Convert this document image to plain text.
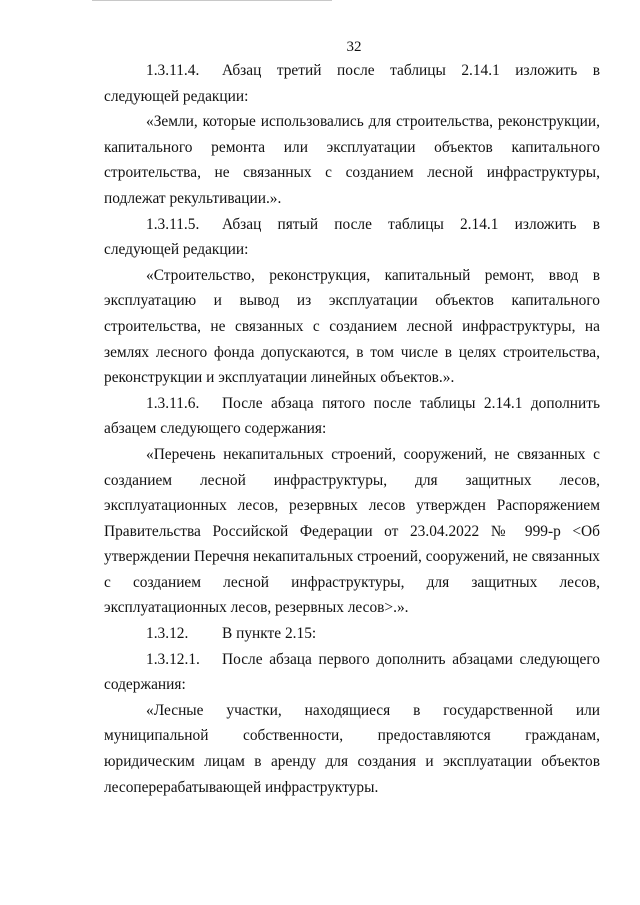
32

1.3.11.4. Абзац третий после таблицы 2.14.1 изложить в следующей редакции:

«Земли, которые использовались для строительства, реконструкции, капитального ремонта или эксплуатации объектов капитального строительства, не связанных с созданием лесной инфраструктуры, подлежат рекультивации.».

1.3.11.5. Абзац пятый после таблицы 2.14.1 изложить в следующей редакции:

«Строительство, реконструкция, капитальный ремонт, ввод в эксплуатацию и вывод из эксплуатации объектов капитального строительства, не связанных с созданием лесной инфраструктуры, на землях лесного фонда допускаются, в том числе в целях строительства, реконструкции и эксплуатации линейных объектов.».

1.3.11.6. После абзаца пятого после таблицы 2.14.1 дополнить абзацем следующего содержания:

«Перечень некапитальных строений, сооружений, не связанных с созданием лесной инфраструктуры, для защитных лесов, эксплуатационных лесов, резервных лесов утвержден Распоряжением Правительства Российской Федерации от 23.04.2022 № 999-р <Об утверждении Перечня некапитальных строений, сооружений, не связанных с созданием лесной инфраструктуры, для защитных лесов, эксплуатационных лесов, резервных лесов>.».

1.3.12. В пункте 2.15:

1.3.12.1. После абзаца первого дополнить абзацами следующего содержания:

«Лесные участки, находящиеся в государственной или муниципальной собственности, предоставляются гражданам, юридическим лицам в аренду для создания и эксплуатации объектов лесоперерабатывающей инфраструктуры.
